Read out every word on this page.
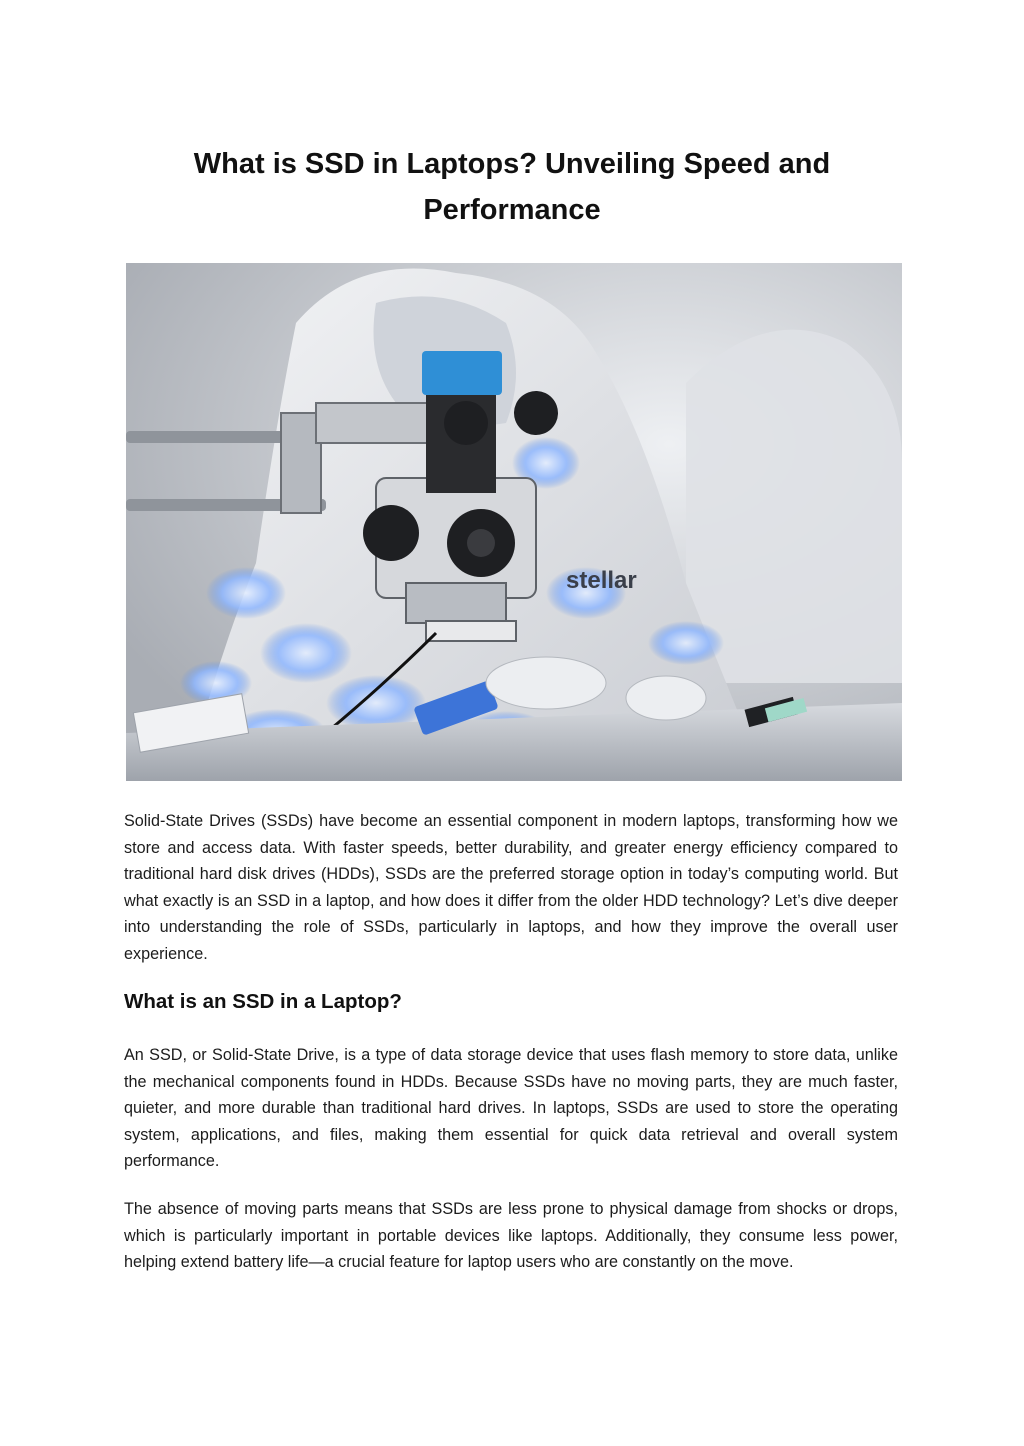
What is SSD in Laptops? Unveiling Speed and Performance
stellar

Solid-State Drives (SSDs) have become an essential component in modern laptops, transforming how we store and access data. With faster speeds, better durability, and greater energy efficiency compared to traditional hard disk drives (HDDs), SSDs are the preferred storage option in today’s computing world. But what exactly is an SSD in a laptop, and how does it differ from the older HDD technology? Let’s dive deeper into understanding the role of SSDs, particularly in laptops, and how they improve the overall user experience.

What is an SSD in a Laptop?

An SSD, or Solid-State Drive, is a type of data storage device that uses flash memory to store data, unlike the mechanical components found in HDDs. Because SSDs have no moving parts, they are much faster, quieter, and more durable than traditional hard drives. In laptops, SSDs are used to store the operating system, applications, and files, making them essential for quick data retrieval and overall system performance.

The absence of moving parts means that SSDs are less prone to physical damage from shocks or drops, which is particularly important in portable devices like laptops. Additionally, they consume less power, helping extend battery life—a crucial feature for laptop users who are constantly on the move.
